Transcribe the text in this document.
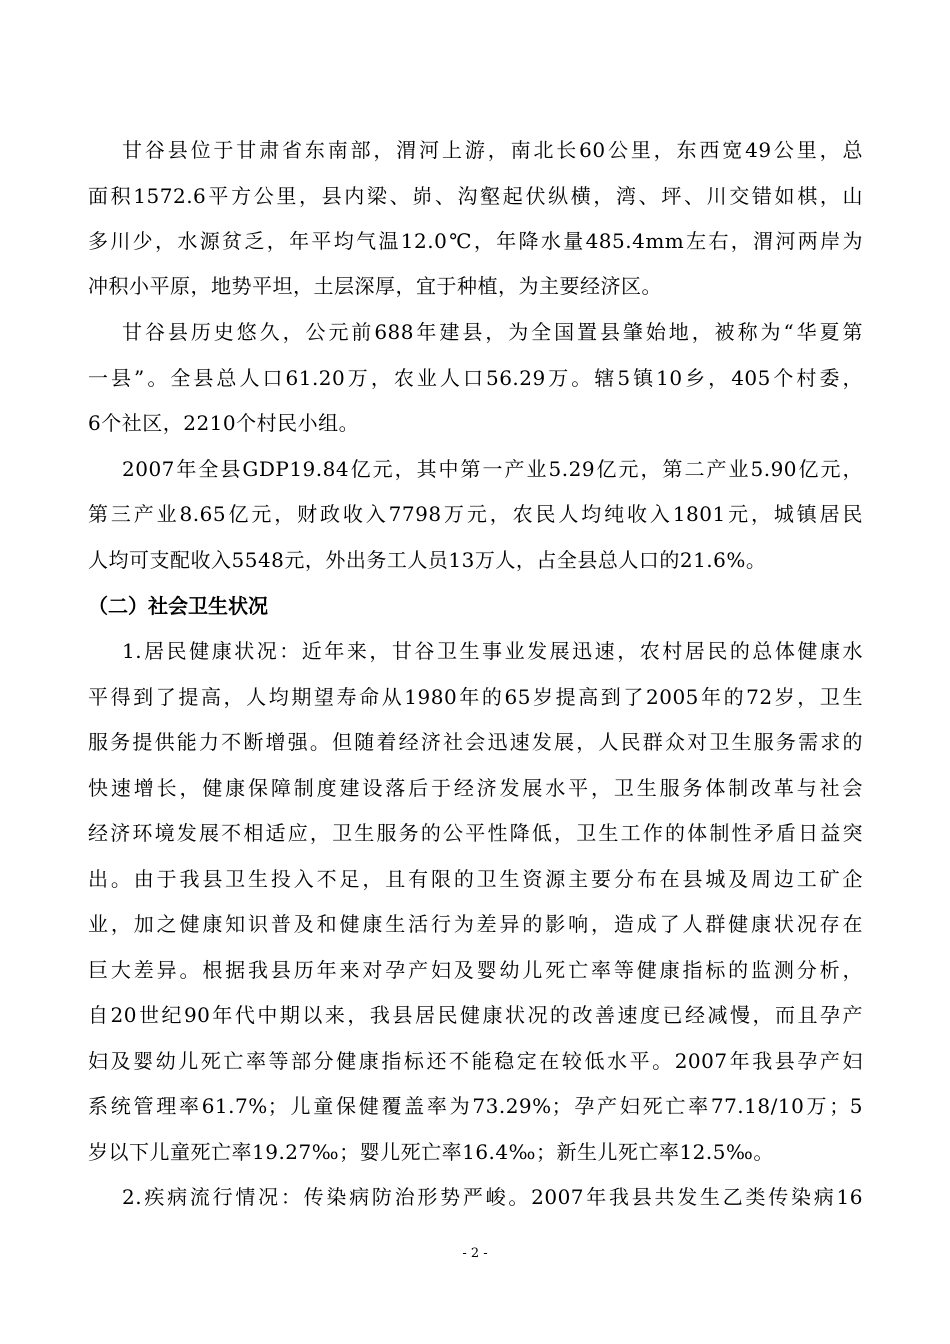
甘谷县位于甘肃省东南部，渭河上游，南北长60公里，东西宽49公里，总
面积1572.6平方公里，县内梁、峁、沟壑起伏纵横，湾、坪、川交错如棋，山
多川少，水源贫乏，年平均气温12.0℃，年降水量485.4mm左右，渭河两岸为
冲积小平原，地势平坦，土层深厚，宜于种植，为主要经济区。
甘谷县历史悠久，公元前688年建县，为全国置县肇始地，被称为“华夏第
一县”。全县总人口61.20万，农业人口56.29万。辖5镇10乡，405个村委，
6个社区，2210个村民小组。
2007年全县GDP19.84亿元，其中第一产业5.29亿元，第二产业5.90亿元，
第三产业8.65亿元，财政收入7798万元，农民人均纯收入1801元，城镇居民
人均可支配收入5548元，外出务工人员13万人，占全县总人口的21.6%。
（二）社会卫生状况
1.居民健康状况：近年来，甘谷卫生事业发展迅速，农村居民的总体健康水
平得到了提高，人均期望寿命从1980年的65岁提高到了2005年的72岁，卫生
服务提供能力不断增强。但随着经济社会迅速发展，人民群众对卫生服务需求的
快速增长，健康保障制度建设落后于经济发展水平，卫生服务体制改革与社会
经济环境发展不相适应，卫生服务的公平性降低，卫生工作的体制性矛盾日益突
出。由于我县卫生投入不足，且有限的卫生资源主要分布在县城及周边工矿企
业，加之健康知识普及和健康生活行为差异的影响，造成了人群健康状况存在
巨大差异。根据我县历年来对孕产妇及婴幼儿死亡率等健康指标的监测分析，
自20世纪90年代中期以来，我县居民健康状况的改善速度已经减慢，而且孕产
妇及婴幼儿死亡率等部分健康指标还不能稳定在较低水平。2007年我县孕产妇
系统管理率61.7%；儿童保健覆盖率为73.29%；孕产妇死亡率77.18/10万；5
岁以下儿童死亡率19.27‰；婴儿死亡率16.4‰；新生儿死亡率12.5‰。
2.疾病流行情况：传染病防治形势严峻。2007年我县共发生乙类传染病16
- 2 -
